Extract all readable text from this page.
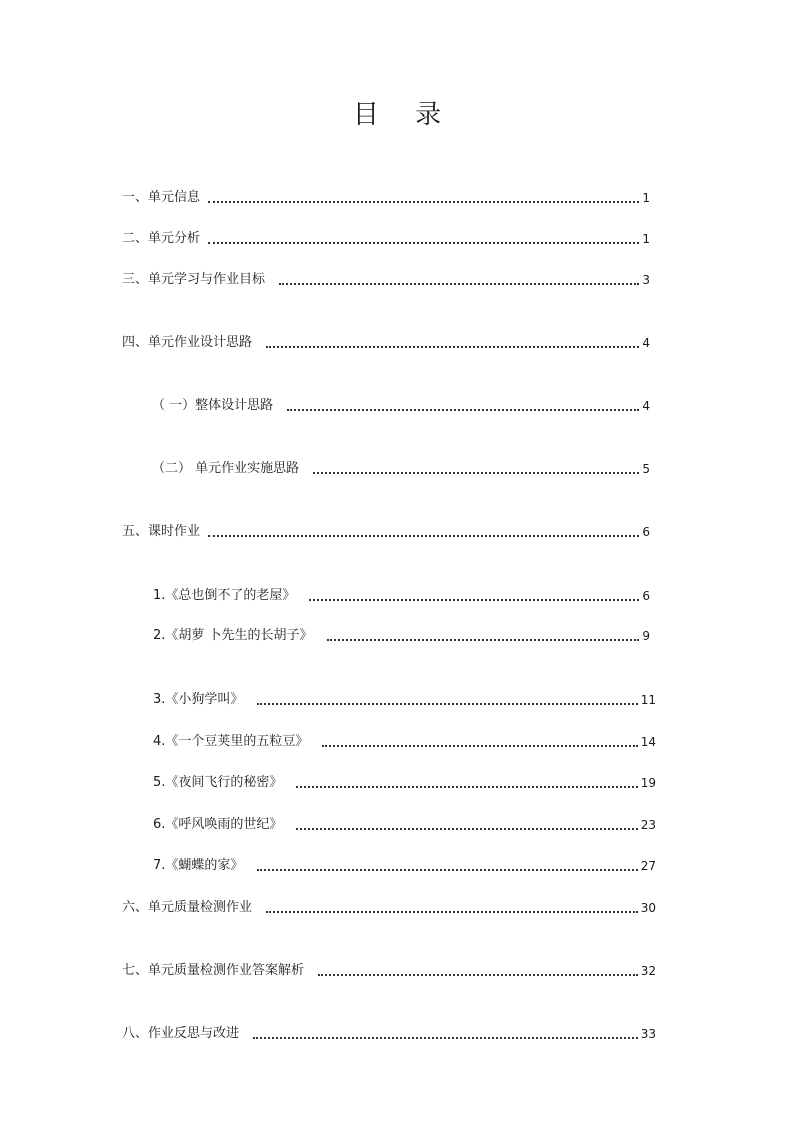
目 录
一、单元信息	1
二、单元分析	1
三、单元学习与作业目标	3
四、单元作业设计思路	4
（ 一）整体设计思路	4
（二） 单元作业实施思路	5
五、课时作业	6
1.《总也倒不了的老屋》	6
2.《胡萝 卜先生的长胡子》	9
3.《小狗学叫》	11
4.《一个豆荚里的五粒豆》	14
5.《夜间飞行的秘密》	19
6.《呼风唤雨的世纪》	23
7.《蝴蝶的家》	27
六、单元质量检测作业	30
七、单元质量检测作业答案解析	32
八、作业反思与改进	33
